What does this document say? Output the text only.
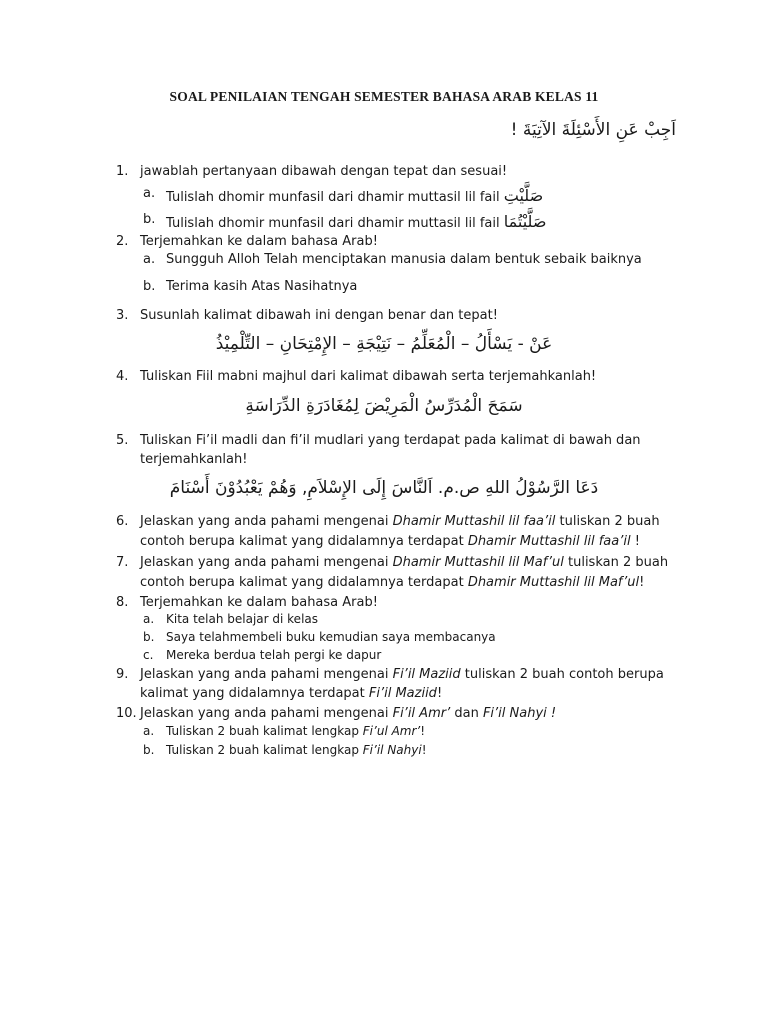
SOAL PENILAIAN TENGAH SEMESTER BAHASA ARAB KELAS 11
اَجِبْ عَنِ الأَسْئِلَةَ الآتِيَةَ !
1. jawablah pertanyaan dibawah dengan tepat dan sesuai!
a. Tulislah dhomir munfasil dari dhamir muttasil lil fail صَلَّيْتِ
b. Tulislah dhomir munfasil dari dhamir muttasil lil fail صَلَّيْتُمَا
2. Terjemahkan ke dalam bahasa Arab!
a. Sungguh Alloh Telah menciptakan manusia dalam bentuk sebaik baiknya
b. Terima kasih Atas Nasihatnya
3. Susunlah kalimat dibawah ini dengan benar dan tepat!
عَنْ - يَسْأَلُ – الْمُعَلِّمُ – نَتِيْجَةِ – الإِمْتِحَانِ – التِّلْمِيْذُ
4. Tuliskan Fiil mabni majhul dari kalimat dibawah serta terjemahkanlah!
سَمَحَ الْمُدَرِّسُ الْمَرِيْضَ لِمُغَادَرَةِ الدِّرَاسَةِ
5. Tuliskan Fi’il madli dan fi’il mudlari yang terdapat pada kalimat di bawah dan
terjemahkanlah!
دَعَا الرَّسُوْلُ اللهِ ص.م. اَلنَّاسَ إِلَى الإِسْلاَمِ, وَهُمْ يَعْبُدُوْنَ أَسْنَامَ
6. Jelaskan yang anda pahami mengenai Dhamir Muttashil lil faa’il tuliskan 2 buah
contoh berupa kalimat yang didalamnya terdapat Dhamir Muttashil lil faa’il !
7. Jelaskan yang anda pahami mengenai Dhamir Muttashil lil Maf’ul tuliskan 2 buah
contoh berupa kalimat yang didalamnya terdapat Dhamir Muttashil lil Maf’ul!
8. Terjemahkan ke dalam bahasa Arab!
a. Kita telah belajar di kelas
b. Saya telahmembeli buku kemudian saya membacanya
c. Mereka berdua telah pergi ke dapur
9. Jelaskan yang anda pahami mengenai Fi’il Maziid tuliskan 2 buah contoh berupa
kalimat yang didalamnya terdapat Fi’il Maziid!
10. Jelaskan yang anda pahami mengenai Fi’il Amr’ dan Fi’il Nahyi !
a. Tuliskan 2 buah kalimat lengkap Fi’ul Amr’!
b. Tuliskan 2 buah kalimat lengkap Fi’il Nahyi!
